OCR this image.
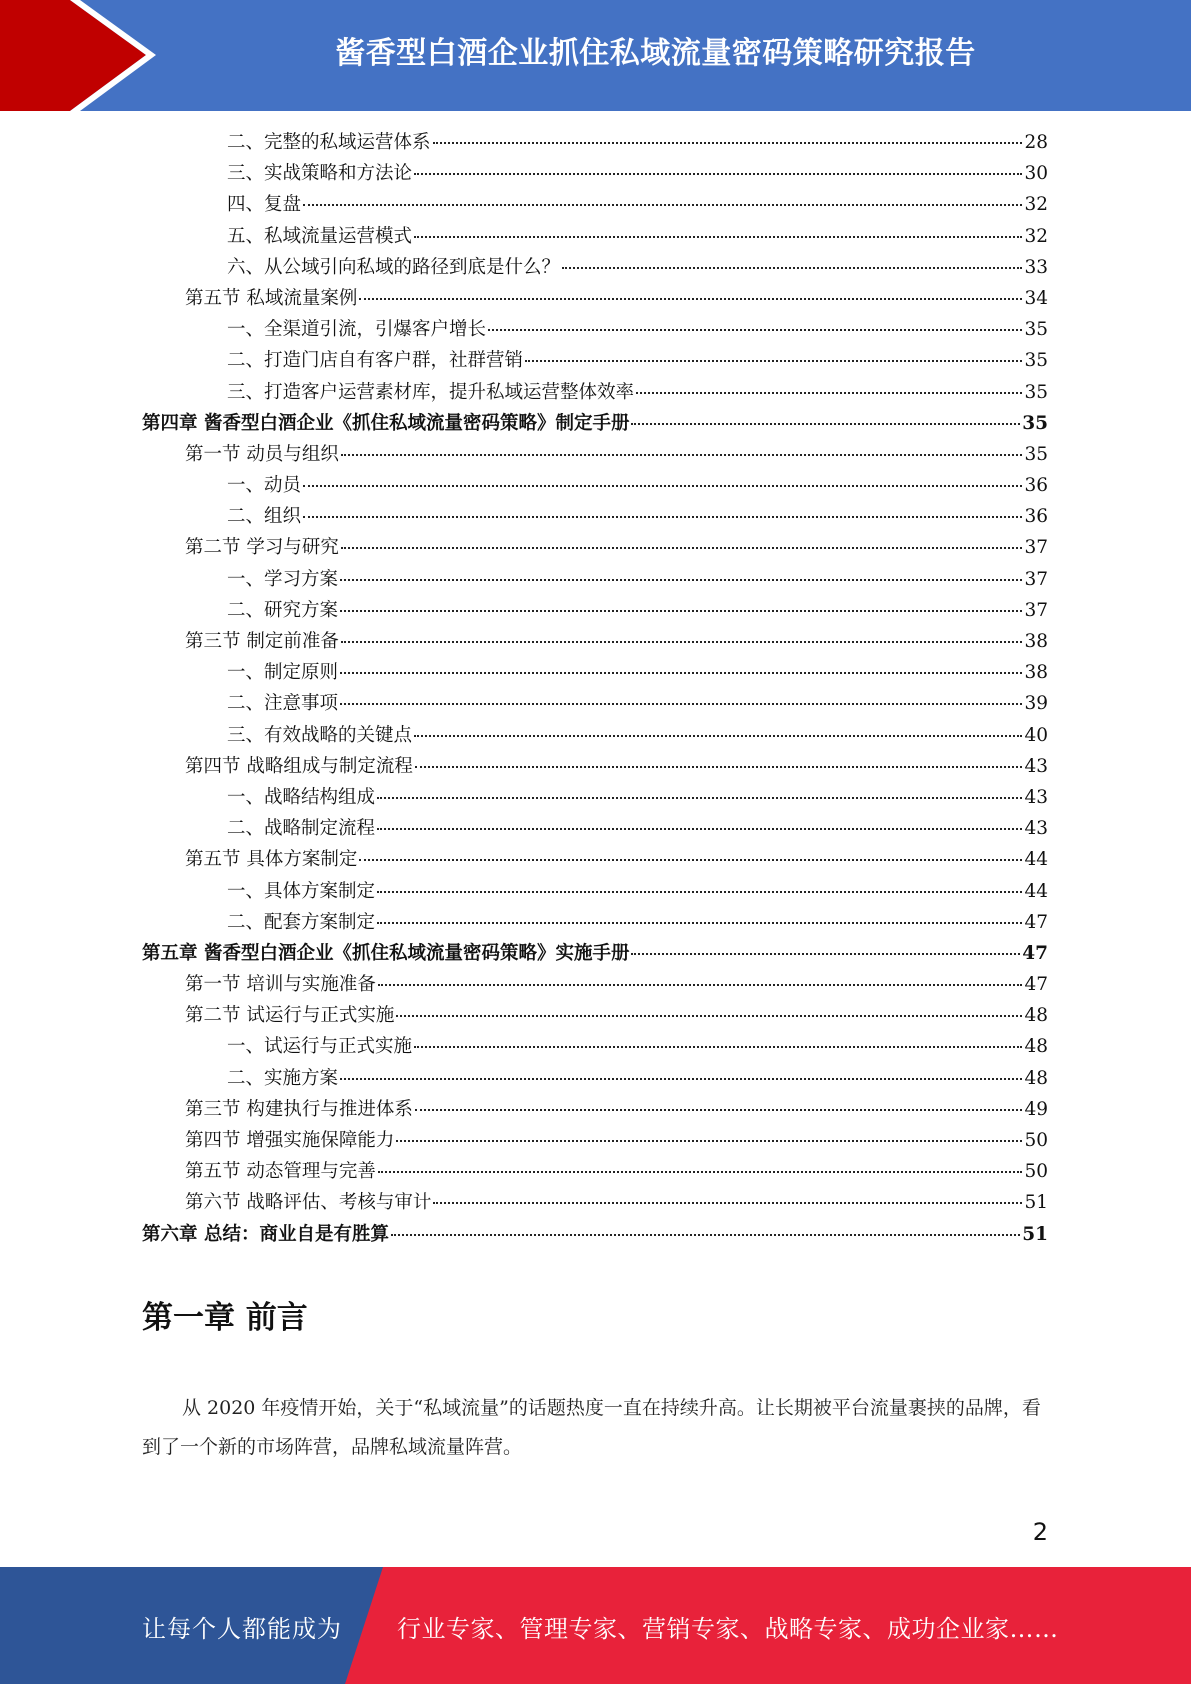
酱香型白酒企业抓住私域流量密码策略研究报告
二、完整的私域运营体系	28
三、实战策略和方法论	30
四、复盘	32
五、私域流量运营模式	32
六、从公域引向私域的路径到底是什么？	33
第五节 私域流量案例	34
一、全渠道引流，引爆客户增长	35
二、打造门店自有客户群，社群营销	35
三、打造客户运营素材库，提升私域运营整体效率	35
第四章 酱香型白酒企业《抓住私域流量密码策略》制定手册	35
第一节 动员与组织	35
一、动员	36
二、组织	36
第二节 学习与研究	37
一、学习方案	37
二、研究方案	37
第三节 制定前准备	38
一、制定原则	38
二、注意事项	39
三、有效战略的关键点	40
第四节 战略组成与制定流程	43
一、战略结构组成	43
二、战略制定流程	43
第五节 具体方案制定	44
一、具体方案制定	44
二、配套方案制定	47
第五章 酱香型白酒企业《抓住私域流量密码策略》实施手册	47
第一节 培训与实施准备	47
第二节 试运行与正式实施	48
一、试运行与正式实施	48
二、实施方案	48
第三节 构建执行与推进体系	49
第四节 增强实施保障能力	50
第五节 动态管理与完善	50
第六节 战略评估、考核与审计	51
第六章 总结：商业自是有胜算	51
第一章 前言

从 2020 年疫情开始，关于“私域流量”的话题热度一直在持续升高。让长期被平台流量裹挟的品牌，看到了一个新的市场阵营，品牌私域流量阵营。

2
让每个人都能成为 行业专家、管理专家、营销专家、战略专家、成功企业家……
